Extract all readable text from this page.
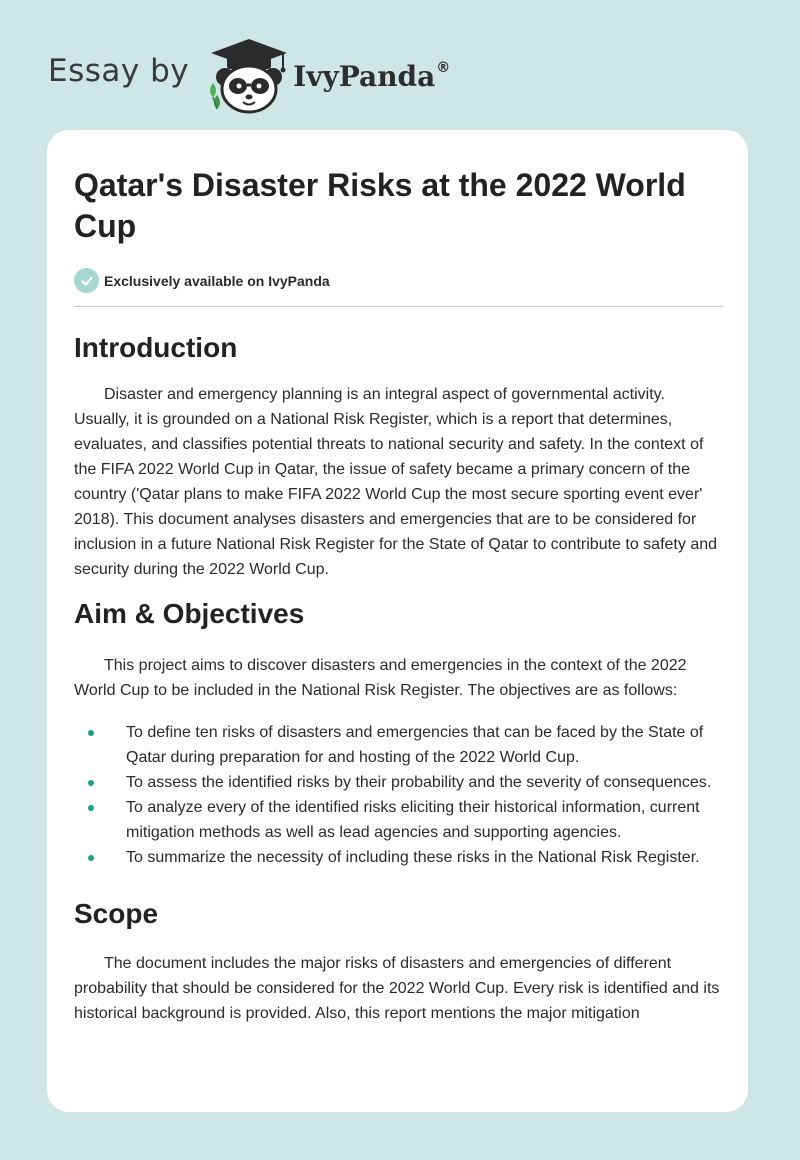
Essay by	IvyPanda®
Qatar's Disaster Risks at the 2022 World Cup
Exclusively available on IvyPanda
Introduction

Disaster and emergency planning is an integral aspect of governmental activity. Usually, it is grounded on a National Risk Register, which is a report that determines, evaluates, and classifies potential threats to national security and safety. In the context of the FIFA 2022 World Cup in Qatar, the issue of safety became a primary concern of the country ('Qatar plans to make FIFA 2022 World Cup the most secure sporting event ever' 2018). This document analyses disasters and emergencies that are to be considered for inclusion in a future National Risk Register for the State of Qatar to contribute to safety and security during the 2022 World Cup.

Aim & Objectives

This project aims to discover disasters and emergencies in the context of the 2022 World Cup to be included in the National Risk Register. The objectives are as follows:

To define ten risks of disasters and emergencies that can be faced by the State of Qatar during preparation for and hosting of the 2022 World Cup.
To assess the identified risks by their probability and the severity of consequences.
To analyze every of the identified risks eliciting their historical information, current mitigation methods as well as lead agencies and supporting agencies.
To summarize the necessity of including these risks in the National Risk Register.
Scope

The document includes the major risks of disasters and emergencies of different probability that should be considered for the 2022 World Cup. Every risk is identified and its historical background is provided. Also, this report mentions the major mitigation
